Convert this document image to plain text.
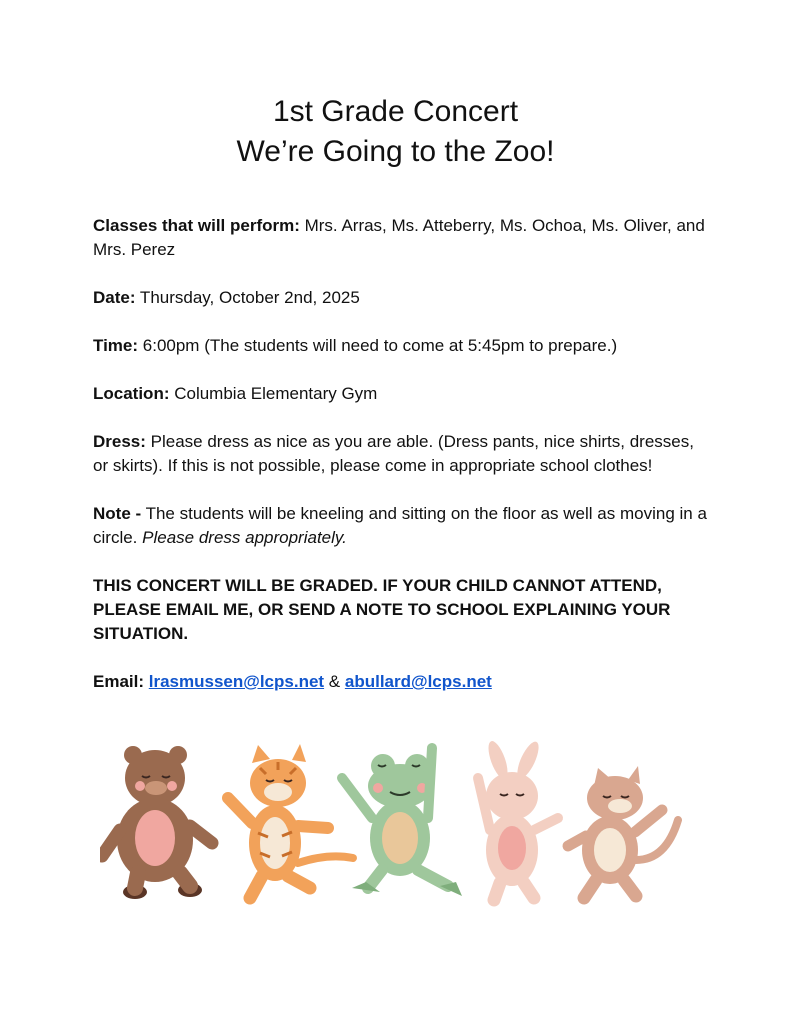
1st Grade Concert
We’re Going to the Zoo!

Classes that will perform: Mrs. Arras, Ms. Atteberry, Ms. Ochoa, Ms. Oliver, and Mrs. Perez

Date: Thursday, October 2nd, 2025

Time: 6:00pm (The students will need to come at 5:45pm to prepare.)

Location: Columbia Elementary Gym

Dress: Please dress as nice as you are able. (Dress pants, nice shirts, dresses, or skirts). If this is not possible, please come in appropriate school clothes!

Note - The students will be kneeling and sitting on the floor as well as moving in a circle. Please dress appropriately.

THIS CONCERT WILL BE GRADED. IF YOUR CHILD CANNOT ATTEND, PLEASE EMAIL ME, OR SEND A NOTE TO SCHOOL EXPLAINING YOUR SITUATION.

Email: lrasmussen@lcps.net & abullard@lcps.net
